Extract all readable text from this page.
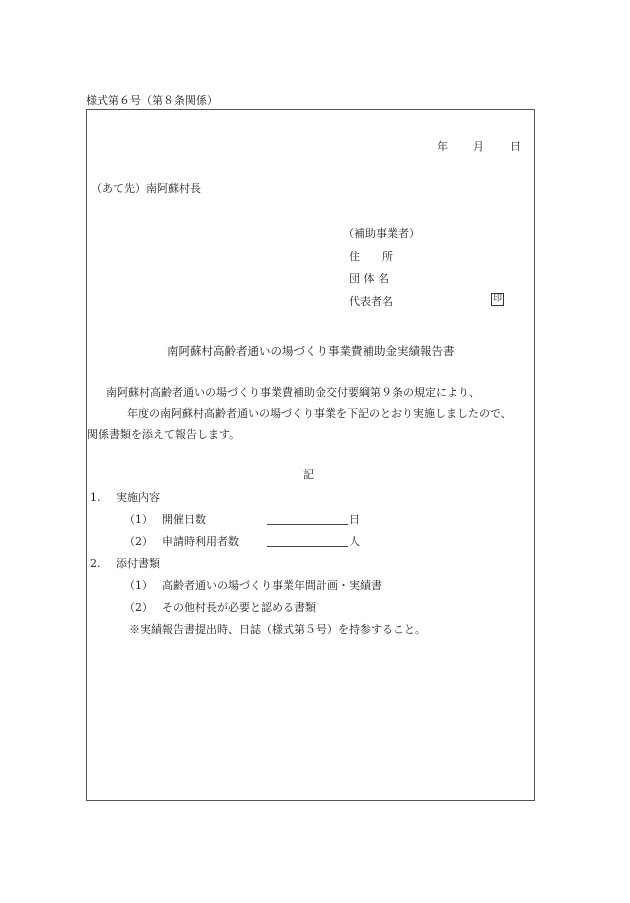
様式第６号（第８条関係）
年 月 日
（あて先）南阿蘇村長
（補助事業者）
住　　所
団 体 名
代表者名	印
南阿蘇村高齢者通いの場づくり事業費補助金実績報告書
南阿蘇村高齢者通いの場づくり事業費補助金交付要綱第９条の規定により、
年度の南阿蘇村高齢者通いの場づくり事業を下記のとおり実施しましたので、
関係書類を添えて報告します。
記
1. 実施内容
（1） 開催日数	日
（2） 申請時利用者数	人
2. 添付書類
（1） 高齢者通いの場づくり事業年間計画・実績書
（2） その他村長が必要と認める書類
※実績報告書提出時、日誌（様式第５号）を持参すること。
